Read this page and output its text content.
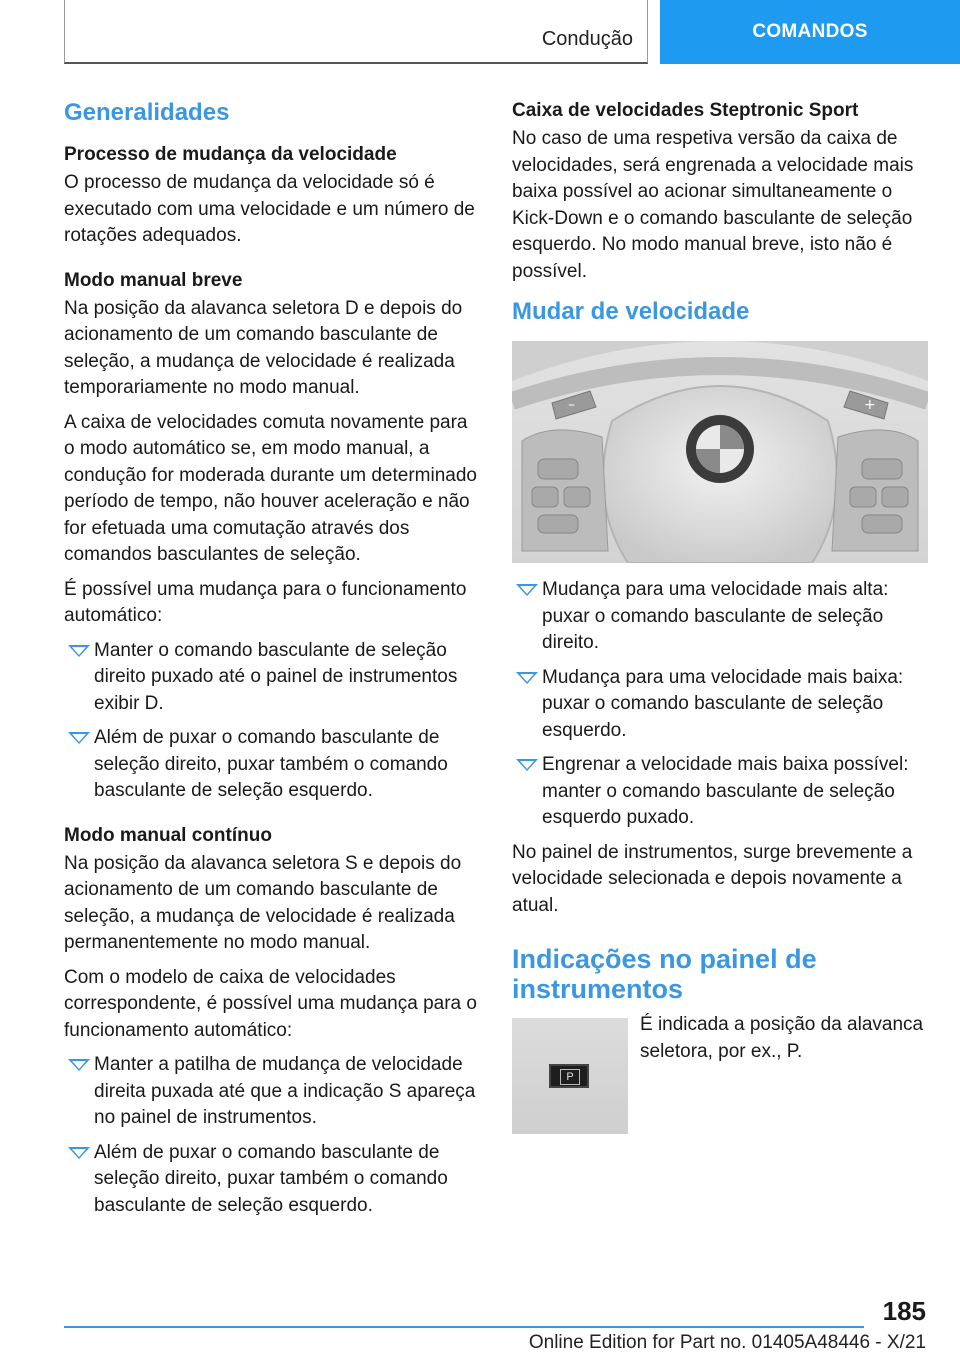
Condução	COMANDOS
Generalidades
Processo de mudança da velocidade

O processo de mudança da velocidade só é executado com uma velocidade e um número de rotações adequados.

Modo manual breve

Na posição da alavanca seletora D e depois do acionamento de um comando basculante de seleção, a mudança de velocidade é realizada temporariamente no modo manual.

A caixa de velocidades comuta novamente para o modo automático se, em modo manual, a condução for moderada durante um determinado período de tempo, não houver aceleração e não for efetuada uma comutação através dos comandos basculantes de seleção.

É possível uma mudança para o funcionamento automático:

Manter o comando basculante de seleção direito puxado até o painel de instrumentos exibir D.
Além de puxar o comando basculante de seleção direito, puxar também o comando basculante de seleção esquerdo.
Modo manual contínuo

Na posição da alavanca seletora S e depois do acionamento de um comando basculante de seleção, a mudança de velocidade é realizada permanentemente no modo manual.

Com o modelo de caixa de velocidades correspondente, é possível uma mudança para o funcionamento automático:

Manter a patilha de mudança de velocidade direita puxada até que a indicação S apareça no painel de instrumentos.
Além de puxar o comando basculante de seleção direito, puxar também o comando basculante de seleção esquerdo.
Caixa de velocidades Steptronic Sport

No caso de uma respetiva versão da caixa de velocidades, será engrenada a velocidade mais baixa possível ao acionar simultaneamente o Kick-Down e o comando basculante de seleção esquerdo. No modo manual breve, isto não é possível.

Mudar de velocidade
–	+
Mudança para uma velocidade mais alta: puxar o comando basculante de seleção direito.
Mudança para uma velocidade mais baixa: puxar o comando basculante de seleção esquerdo.
Engrenar a velocidade mais baixa possível: manter o comando basculante de seleção esquerdo puxado.

No painel de instrumentos, surge brevemente a velocidade selecionada e depois novamente a atual.

Indicações no painel de instrumentos
P

É indicada a posição da alavanca seletora, por ex., P.

185
Online Edition for Part no. 01405A48446 - X/21
